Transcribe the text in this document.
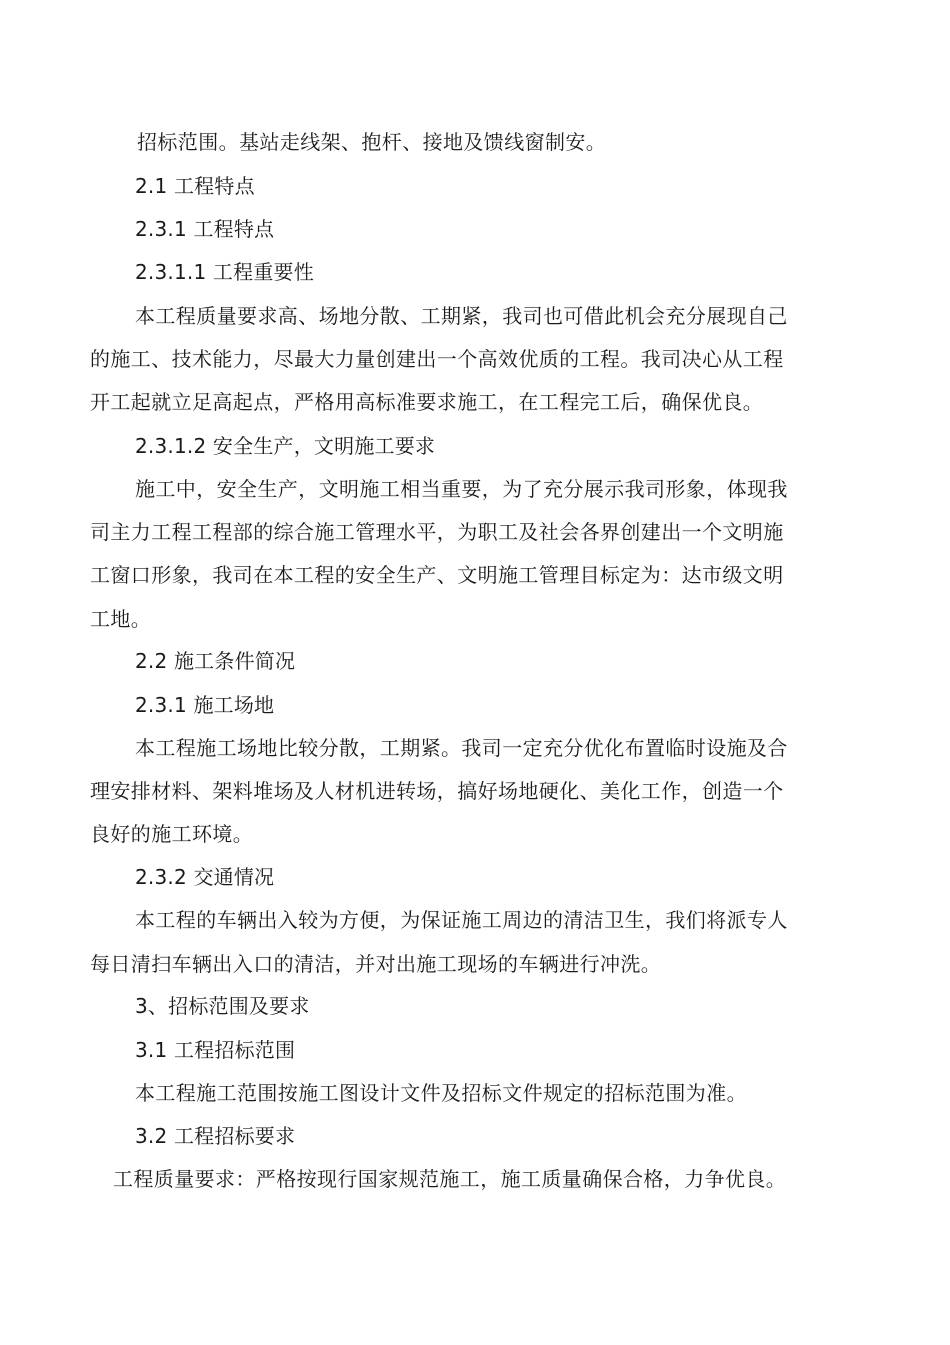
招标范围。基站走线架、抱杆、接地及馈线窗制安。
2.1 工程特点
2.3.1 工程特点
2.3.1.1 工程重要性
本工程质量要求高、场地分散、工期紧，我司也可借此机会充分展现自己
的施工、技术能力，尽最大力量创建出一个高效优质的工程。我司决心从工程
开工起就立足高起点，严格用高标准要求施工，在工程完工后，确保优良。
2.3.1.2 安全生产，文明施工要求
施工中，安全生产，文明施工相当重要，为了充分展示我司形象，体现我
司主力工程工程部的综合施工管理水平，为职工及社会各界创建出一个文明施
工窗口形象，我司在本工程的安全生产、文明施工管理目标定为：达市级文明
工地。
2.2 施工条件简况
2.3.1 施工场地
本工程施工场地比较分散，工期紧。我司一定充分优化布置临时设施及合
理安排材料、架料堆场及人材机进转场，搞好场地硬化、美化工作，创造一个
良好的施工环境。
2.3.2 交通情况
本工程的车辆出入较为方便，为保证施工周边的清洁卫生，我们将派专人
每日清扫车辆出入口的清洁，并对出施工现场的车辆进行冲洗。
3、招标范围及要求
3.1 工程招标范围
本工程施工范围按施工图设计文件及招标文件规定的招标范围为准。
3.2 工程招标要求
工程质量要求：严格按现行国家规范施工，施工质量确保合格，力争优良。
